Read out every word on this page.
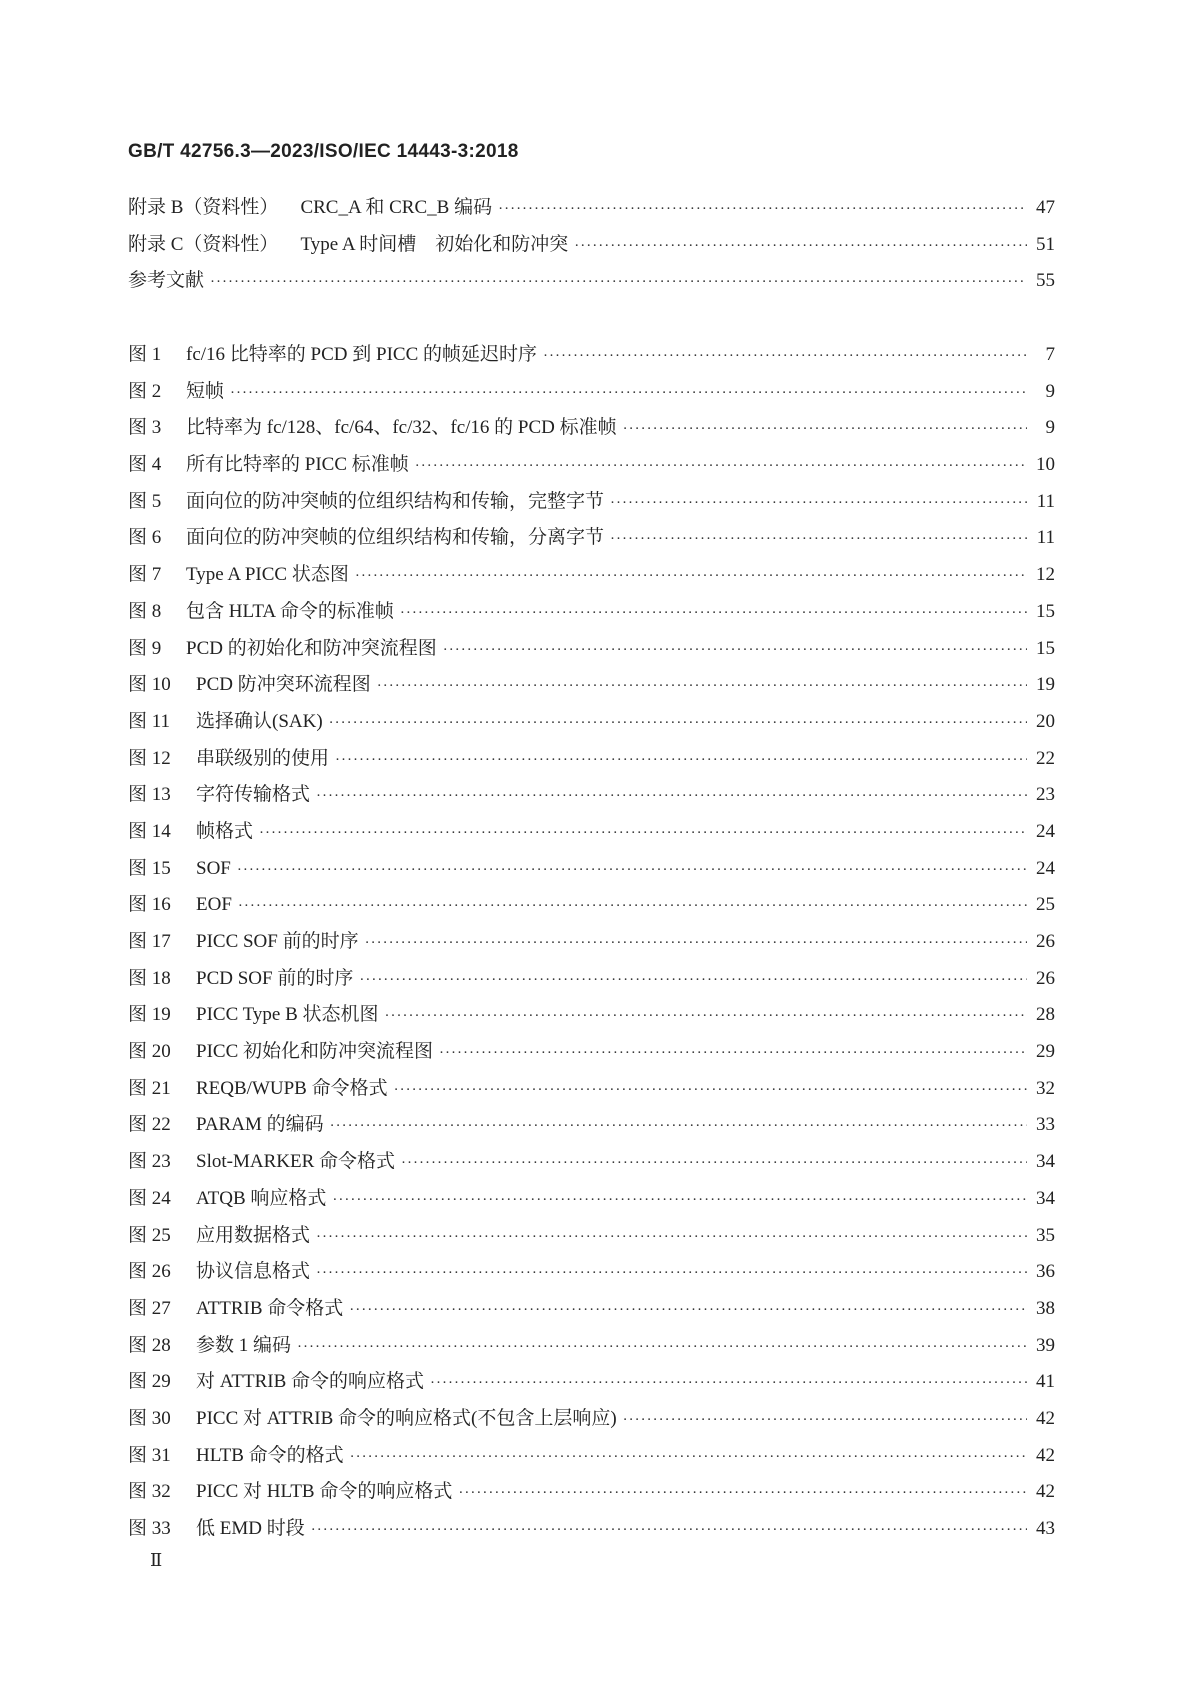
GB/T 42756.3—2023/ISO/IEC 14443-3:2018
附录 B（资料性）	CRC_A 和 CRC_B 编码 ·····	47
附录 C（资料性）	Type A 时间槽　初始化和防冲突 ·····	51
参考文献 ·····	55
图 1	fc/16 比特率的 PCD 到 PICC 的帧延迟时序 ·····	7
图 2	短帧 ·····	9
图 3	比特率为 fc/128、fc/64、fc/32、fc/16 的 PCD 标准帧 ·····	9
图 4	所有比特率的 PICC 标准帧 ·····	10
图 5	面向位的防冲突帧的位组织结构和传输，完整字节 ·····	11
图 6	面向位的防冲突帧的位组织结构和传输，分离字节 ·····	11
图 7	Type A PICC 状态图 ·····	12
图 8	包含 HLTA 命令的标准帧 ·····	15
图 9	PCD 的初始化和防冲突流程图 ·····	15
图 10	PCD 防冲突环流程图 ·····	19
图 11	选择确认(SAK) ·····	20
图 12	串联级别的使用 ·····	22
图 13	字符传输格式 ·····	23
图 14	帧格式 ·····	24
图 15	SOF ·····	24
图 16	EOF ·····	25
图 17	PICC SOF 前的时序 ·····	26
图 18	PCD SOF 前的时序 ·····	26
图 19	PICC Type B 状态机图 ·····	28
图 20	PICC 初始化和防冲突流程图 ·····	29
图 21	REQB/WUPB 命令格式 ·····	32
图 22	PARAM 的编码 ·····	33
图 23	Slot-MARKER 命令格式 ·····	34
图 24	ATQB 响应格式 ·····	34
图 25	应用数据格式 ·····	35
图 26	协议信息格式 ·····	36
图 27	ATTRIB 命令格式 ·····	38
图 28	参数 1 编码 ·····	39
图 29	对 ATTRIB 命令的响应格式 ·····	41
图 30	PICC 对 ATTRIB 命令的响应格式(不包含上层响应) ·····	42
图 31	HLTB 命令的格式 ·····	42
图 32	PICC 对 HLTB 命令的响应格式 ·····	42
图 33	低 EMD 时段 ·····	43
Ⅱ
